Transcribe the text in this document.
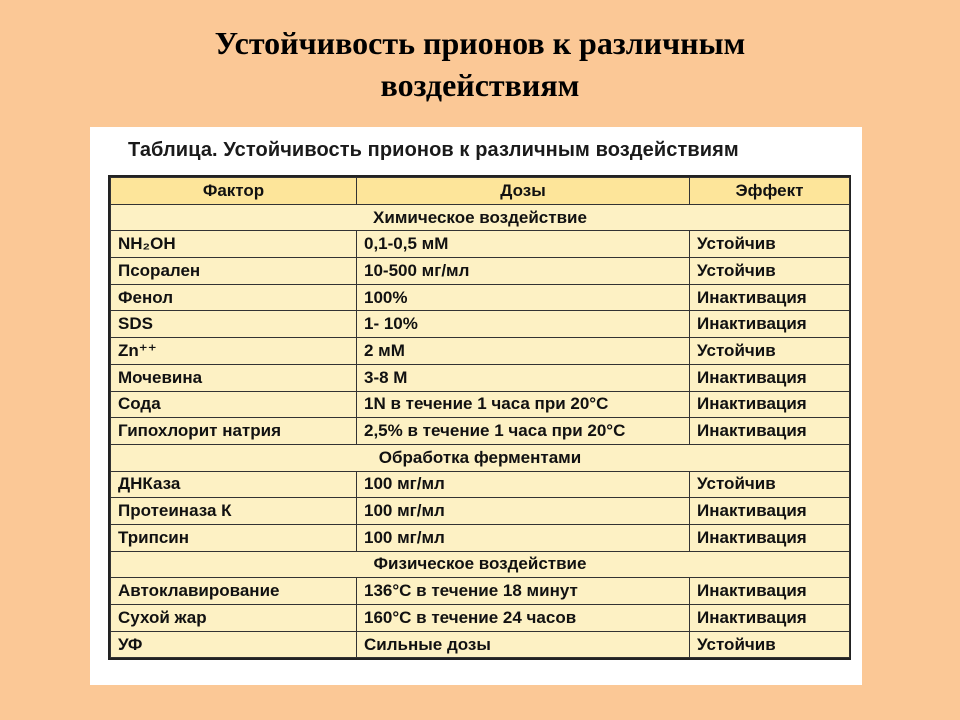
Устойчивость прионов к различным
воздействиям
Таблица. Устойчивость прионов к различным воздействиям
Фактор	Дозы	Эффект
Химическое воздействие		
NH₂OH	0,1-0,5 мМ	Устойчив
Псорален	10-500 мг/мл	Устойчив
Фенол	100%	Инактивация
SDS	1- 10%	Инактивация
Zn⁺⁺	2 мМ	Устойчив
Мочевина	3-8 М	Инактивация
Сода	1N в течение 1 часа при 20°С	Инактивация
Гипохлорит натрия	2,5% в течение 1 часа при 20°С	Инактивация
Обработка ферментами		
ДНКаза	100 мг/мл	Устойчив
Протеиназа К	100 мг/мл	Инактивация
Трипсин	100 мг/мл	Инактивация
Физическое воздействие		
Автоклавирование	136°С в течение 18 минут	Инактивация
Сухой жар	160°С в течение 24 часов	Инактивация
УФ	Сильные дозы	Устойчив
